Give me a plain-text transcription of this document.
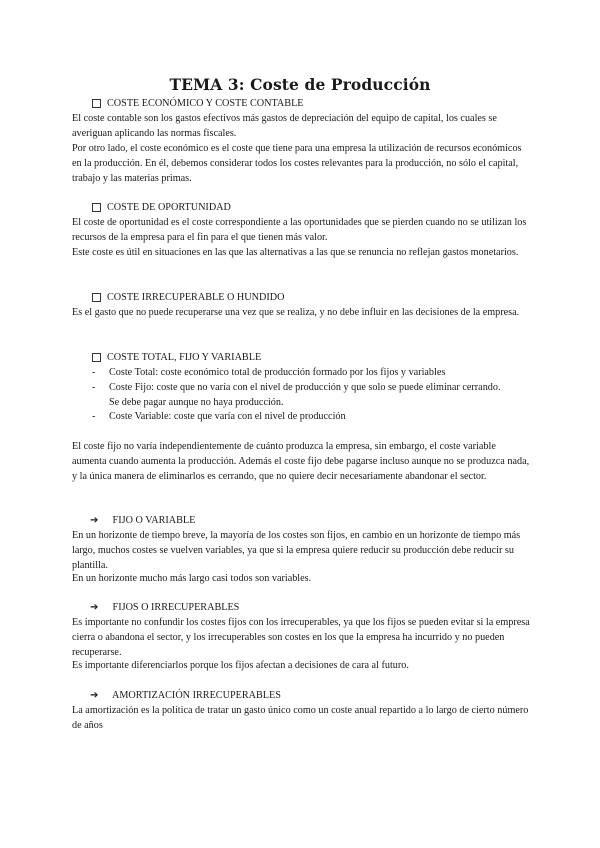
TEMA 3: Coste de Producción
COSTE ECONÓMICO Y COSTE CONTABLE

El coste contable son los gastos efectivos más gastos de depreciación del equipo de capital, los cuales se averiguan aplicando las normas fiscales.

Por otro lado, el coste económico es el coste que tiene para una empresa la utilización de recursos económicos en la producción. En él, debemos considerar todos los costes relevantes para la producción, no sólo el capital, trabajo y las materias primas.

COSTE DE OPORTUNIDAD

El coste de oportunidad es el coste correspondiente a las oportunidades que se pierden cuando no se utilizan los recursos de la empresa para el fin para el que tienen más valor.

Este coste es útil en situaciones en las que las alternativas a las que se renuncia no reflejan gastos monetarios.

COSTE IRRECUPERABLE O HUNDIDO

Es el gasto que no puede recuperarse una vez que se realiza, y no debe influir en las decisiones de la empresa.

COSTE TOTAL, FIJO Y VARIABLE
- Coste Total: coste económico total de producción formado por los fijos y variables
- Coste Fijo: coste que no varía con el nivel de producción y que solo se puede eliminar cerrando. Se debe pagar aunque no haya producción.
- Coste Variable: coste que varía con el nivel de producción

El coste fijo no varía independientemente de cuánto produzca la empresa, sin embargo, el coste variable aumenta cuando aumenta la producción. Además el coste fijo debe pagarse incluso aunque no se produzca nada, y la única manera de eliminarlos es cerrando, que no quiere decir necesariamente abandonar el sector.

➔ FIJO O VARIABLE

En un horizonte de tiempo breve, la mayoría de los costes son fijos, en cambio en un horizonte de tiempo más largo, muchos costes se vuelven variables, ya que si la empresa quiere reducir su producción debe reducir su plantilla.

En un horizonte mucho más largo casi todos son variables.

➔ FIJOS O IRRECUPERABLES

Es importante no confundir los costes fijos con los irrecuperables, ya que los fijos se pueden evitar si la empresa cierra o abandona el sector, y los irrecuperables son costes en los que la empresa ha incurrido y no pueden recuperarse.

Es importante diferenciarlos porque los fijos afectan a decisiones de cara al futuro.

➔ AMORTIZACIÓN IRRECUPERABLES

La amortización es la política de tratar un gasto único como un coste anual repartido a lo largo de cierto número de años
